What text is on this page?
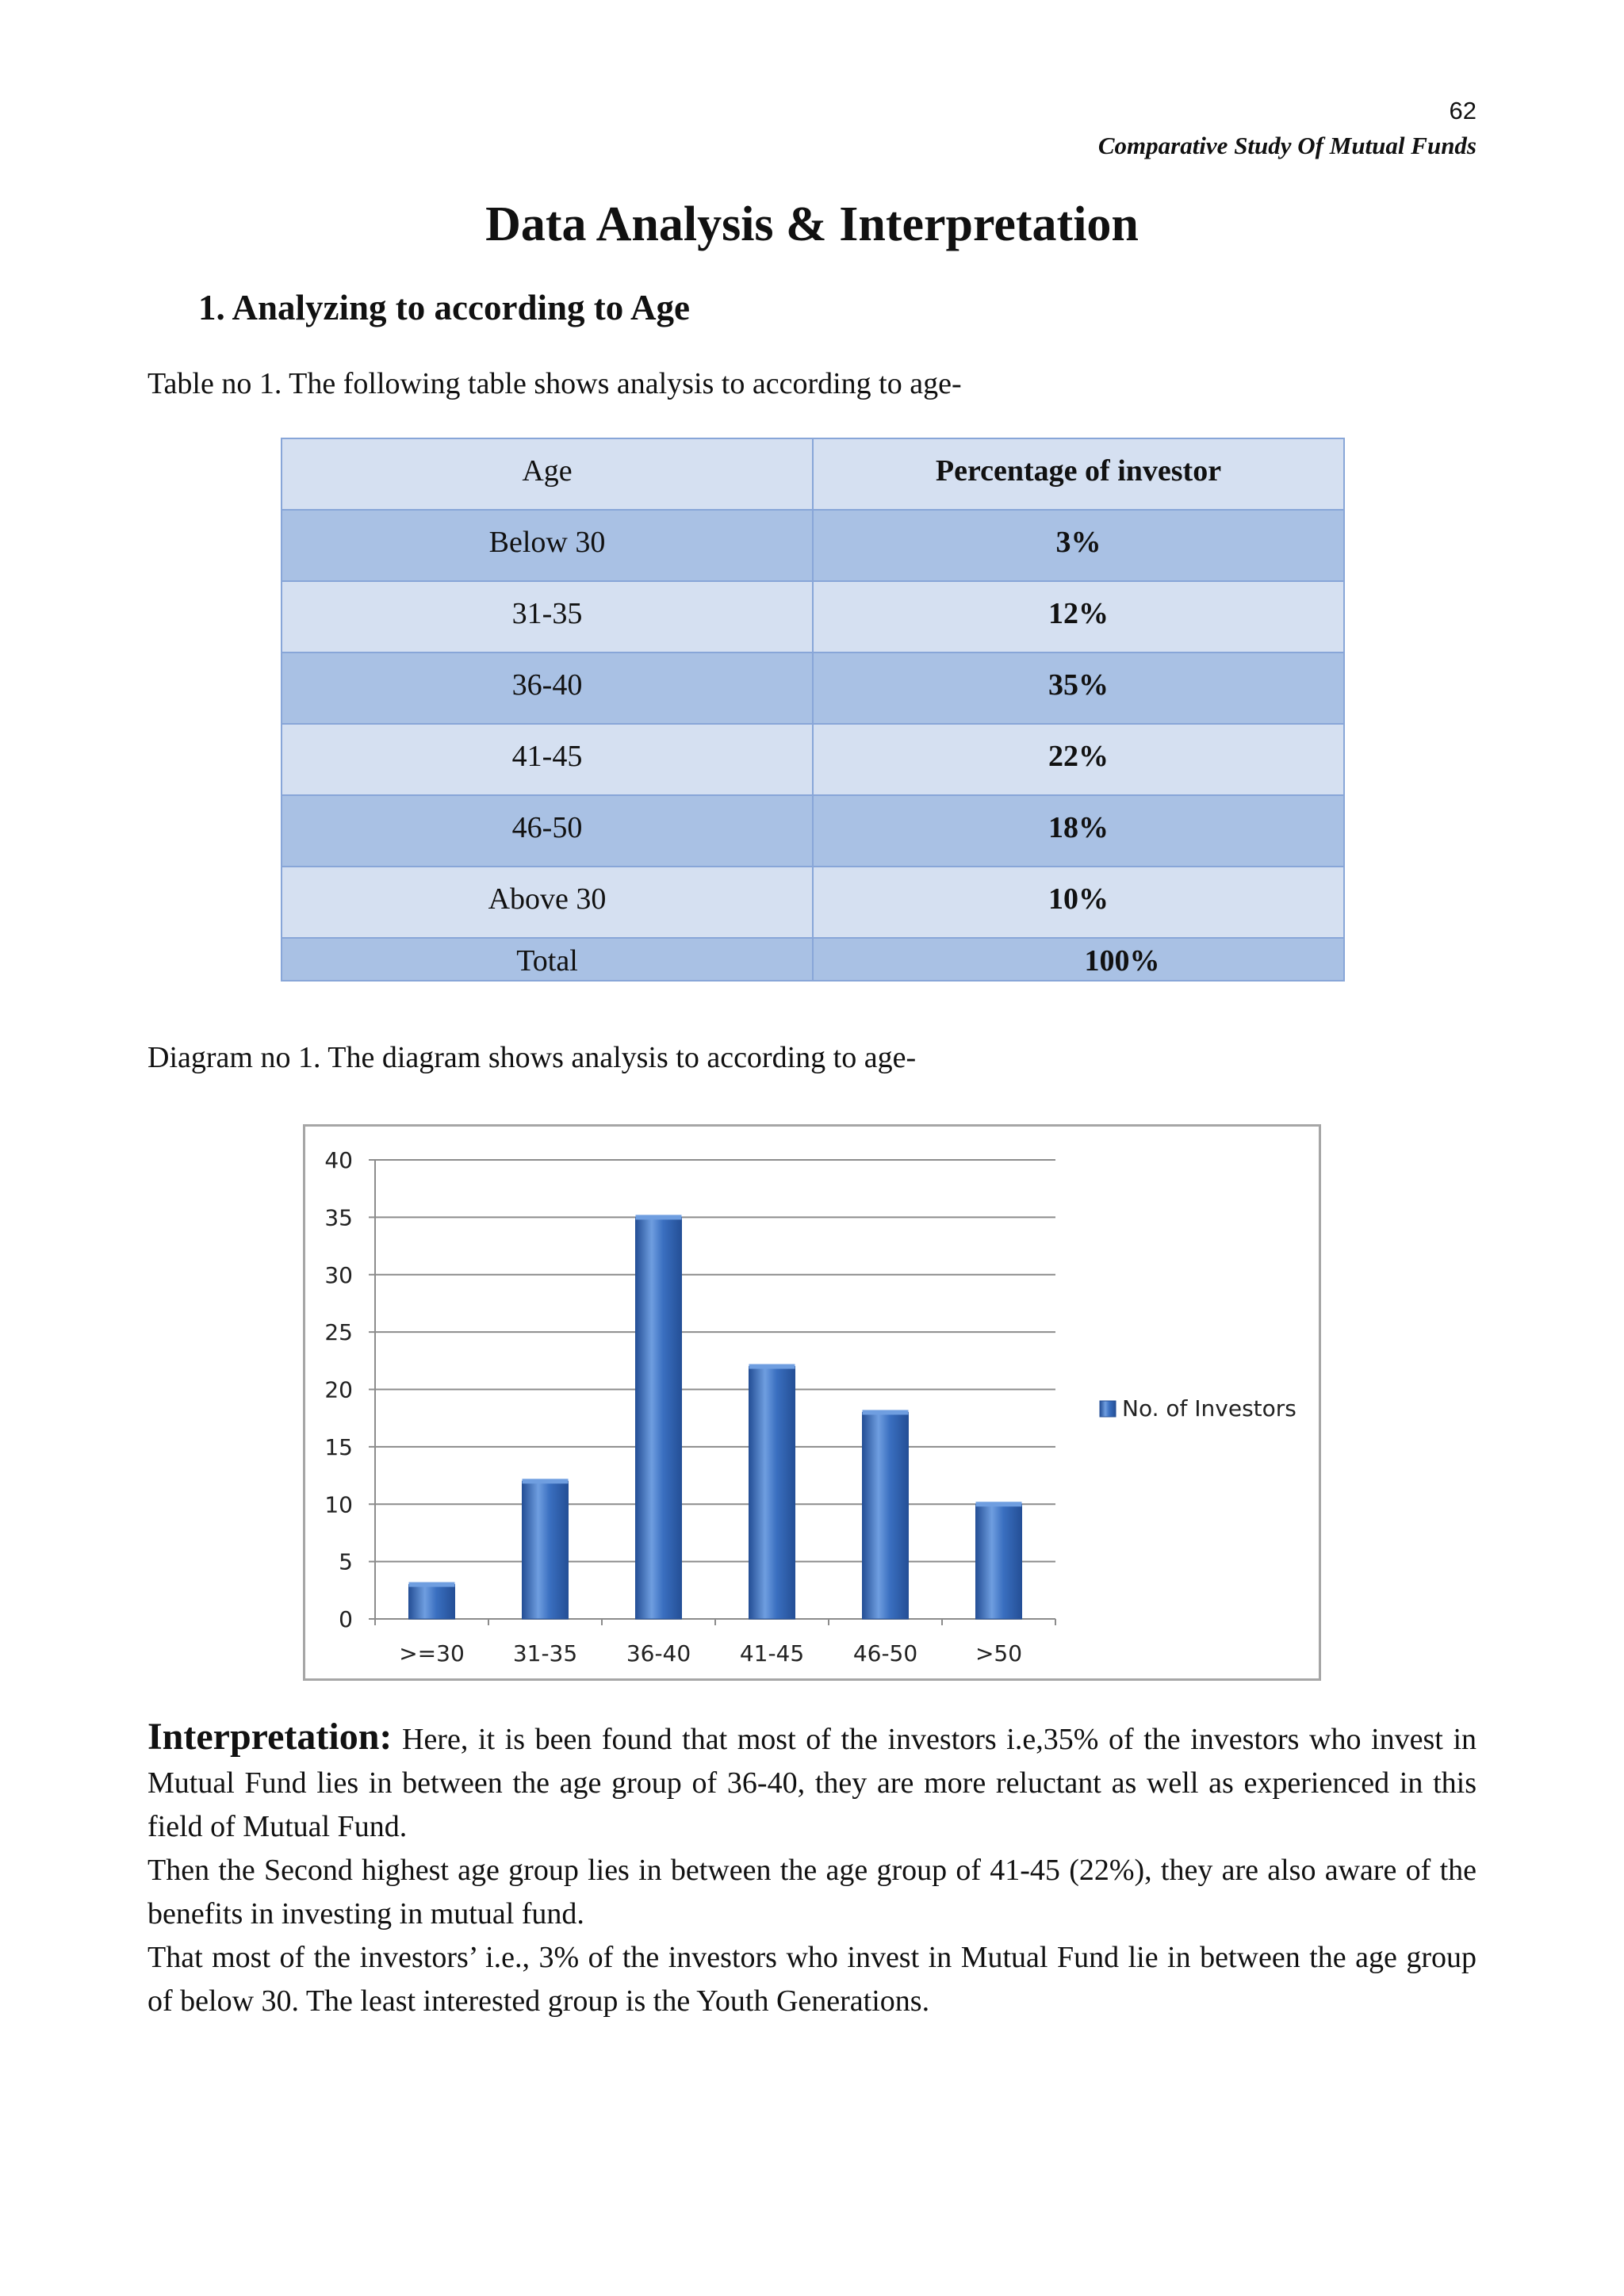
62
Comparative Study Of Mutual Funds
Data Analysis & Interpretation
1. Analyzing to according to Age
Table no 1. The following table shows analysis to according to age-
Age	Percentage of investor

Below 30	3%

31-35	12%

36-40	35%

41-45	22%

46-50	18%

Above 30	10%

Total	100%
Diagram no 1. The diagram shows analysis to according to age-
0
5
10
15
20
25
30
35
40
>=30 31-35 36-40 41-45 46-50	>50
No. of Investors

Interpretation: Here, it is been found that most of the investors i.e,35% of the investors who invest in Mutual Fund lies in between the age group of 36-40, they are more reluctant as well as experienced in this field of Mutual Fund.

Then the Second highest age group lies in between the age group of 41-45 (22%), they are also aware of the benefits in investing in mutual fund.

That most of the investors’ i.e., 3% of the investors who invest in Mutual Fund lie in between the age group of below 30. The least interested group is the Youth Generations.
